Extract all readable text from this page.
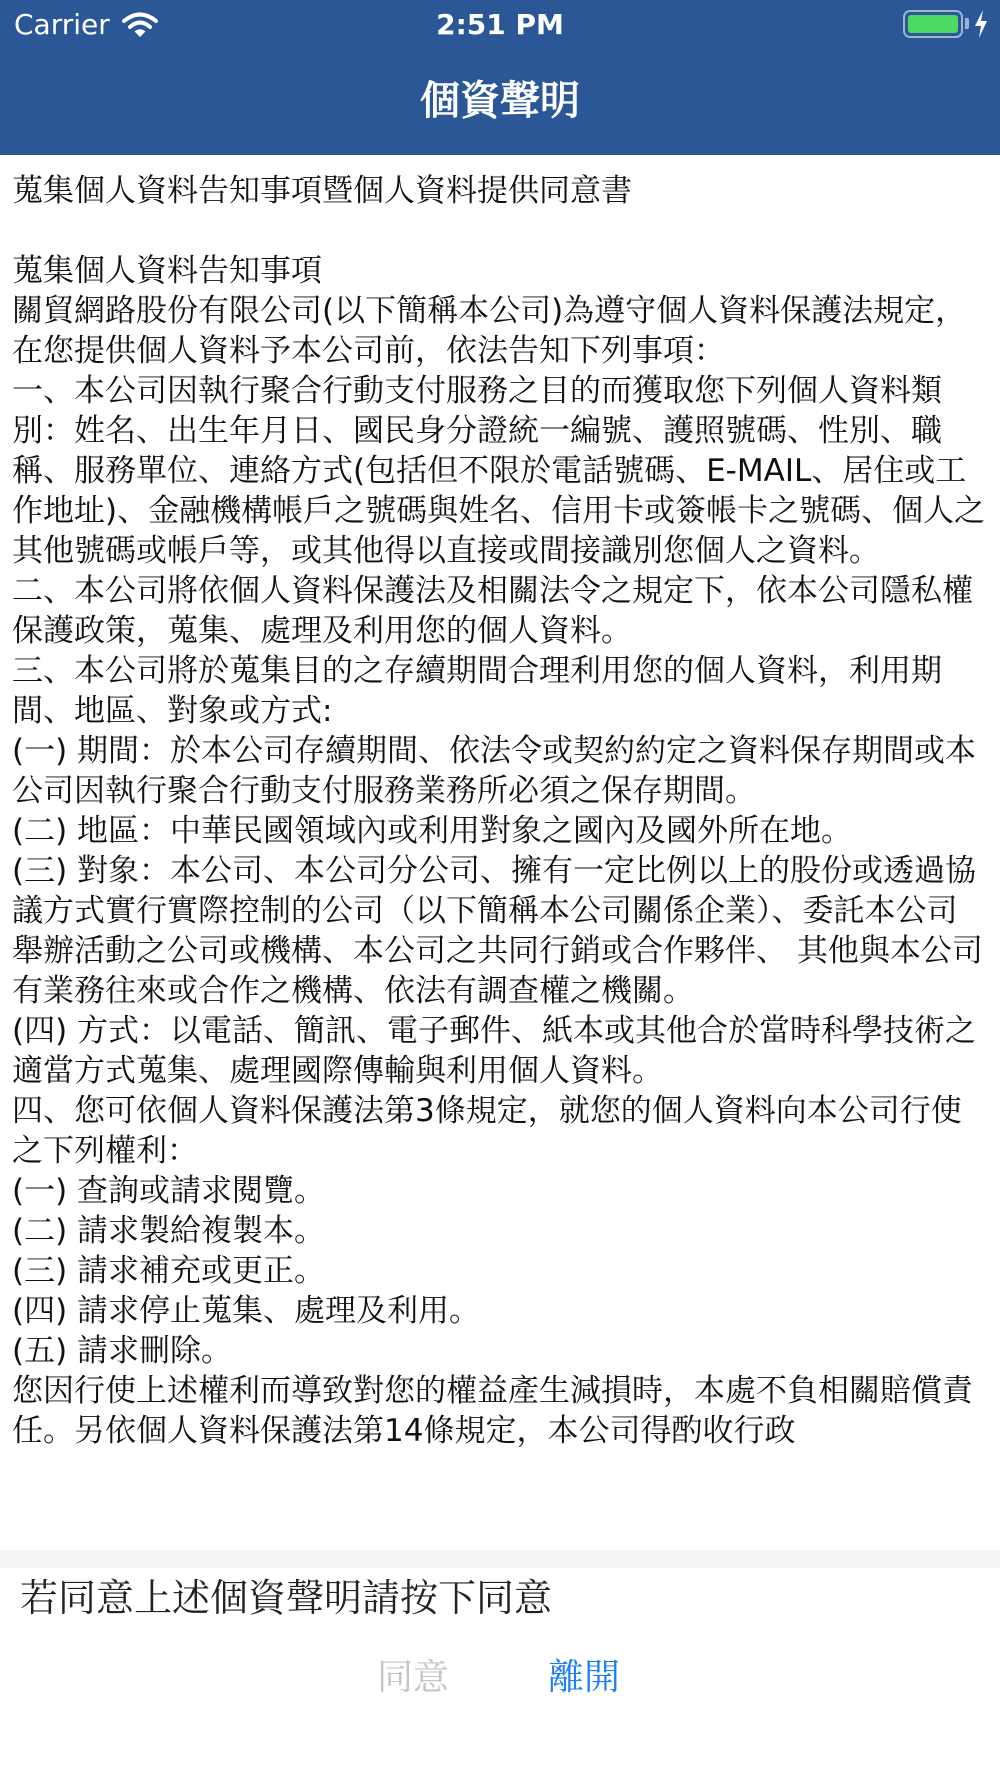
Carrier	2:51 PM
個資聲明
蒐集個人資料告知事項暨個人資料提供同意書

蒐集個人資料告知事項
關貿網路股份有限公司(以下簡稱本公司)為遵守個人資料保護法規定，在您提供個人資料予本公司前，依法告知下列事項：
一、本公司因執行聚合行動支付服務之目的而獲取您下列個人資料類別：姓名、出生年月日、國民身分證統一編號、護照號碼、性別、職稱、服務單位、連絡方式(包括但不限於電話號碼、E-MAIL、居住或工作地址)、金融機構帳戶之號碼與姓名、信用卡或簽帳卡之號碼、個人之其他號碼或帳戶等，或其他得以直接或間接識別您個人之資料。
二、本公司將依個人資料保護法及相關法令之規定下，依本公司隱私權保護政策，蒐集、處理及利用您的個人資料。
三、本公司將於蒐集目的之存續期間合理利用您的個人資料，利用期間、地區、對象或方式:
(一) 期間：於本公司存續期間、依法令或契約約定之資料保存期間或本公司因執行聚合行動支付服務業務所必須之保存期間。
(二) 地區：中華民國領域內或利用對象之國內及國外所在地。
(三) 對象：本公司、本公司分公司、擁有一定比例以上的股份或透過協議方式實行實際控制的公司（以下簡稱本公司關係企業）、委託本公司舉辦活動之公司或機構、本公司之共同行銷或合作夥伴、 其他與本公司有業務往來或合作之機構、依法有調查權之機關。
(四) 方式：以電話、簡訊、電子郵件、紙本或其他合於當時科學技術之適當方式蒐集、處理國際傳輸與利用個人資料。
四、您可依個人資料保護法第3條規定，就您的個人資料向本公司行使之下列權利：
(一) 查詢或請求閱覽。
(二) 請求製給複製本。
(三) 請求補充或更正。
(四) 請求停止蒐集、處理及利用。
(五) 請求刪除。
您因行使上述權利而導致對您的權益產生減損時，本處不負相關賠償責任。另依個人資料保護法第14條規定，本公司得酌收行政
若同意上述個資聲明請按下同意
同意	離開
